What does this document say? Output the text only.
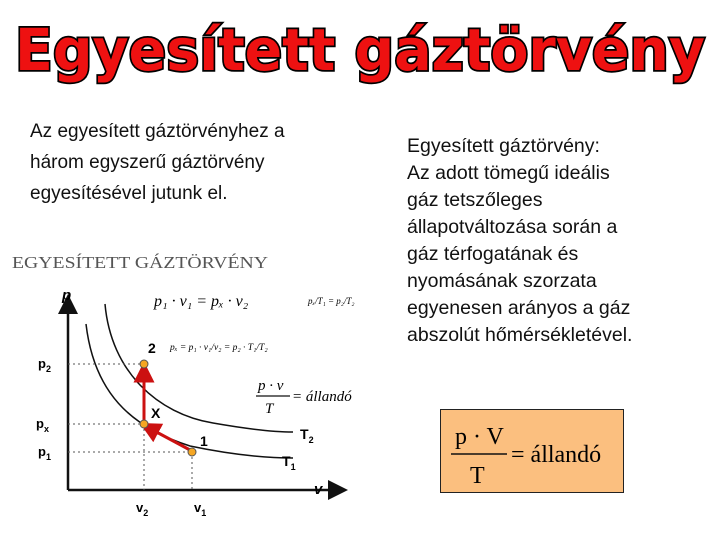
Egyesített gáztörvény
Az egyesített gáztörvényhez a
három egyszerű gáztörvény
egyesítésével jutunk el.
Egyesített gáztörvény:
Az adott tömegű ideális
gáz tetszőleges
állapotváltozása során a
gáz térfogatának és
nyomásának szorzata
egyenesen arányos a gáz
abszolút hőmérsékletével.
EGYESÍTETT GÁZTÖRVÉNY
p
v
2
X
1
$p_2$
$p_x$
$p_1$
$v_2$	$v_1$
$T_2$
$T_1$
p₁ · v₁ = pₓ · v₂	pₓ/T₁ = p₂/T₂
pₓ = p₁ · v₁/v₂ = p₂ · T₁/T₂
p · v
T
= állandó
p · V
T
= állandó
